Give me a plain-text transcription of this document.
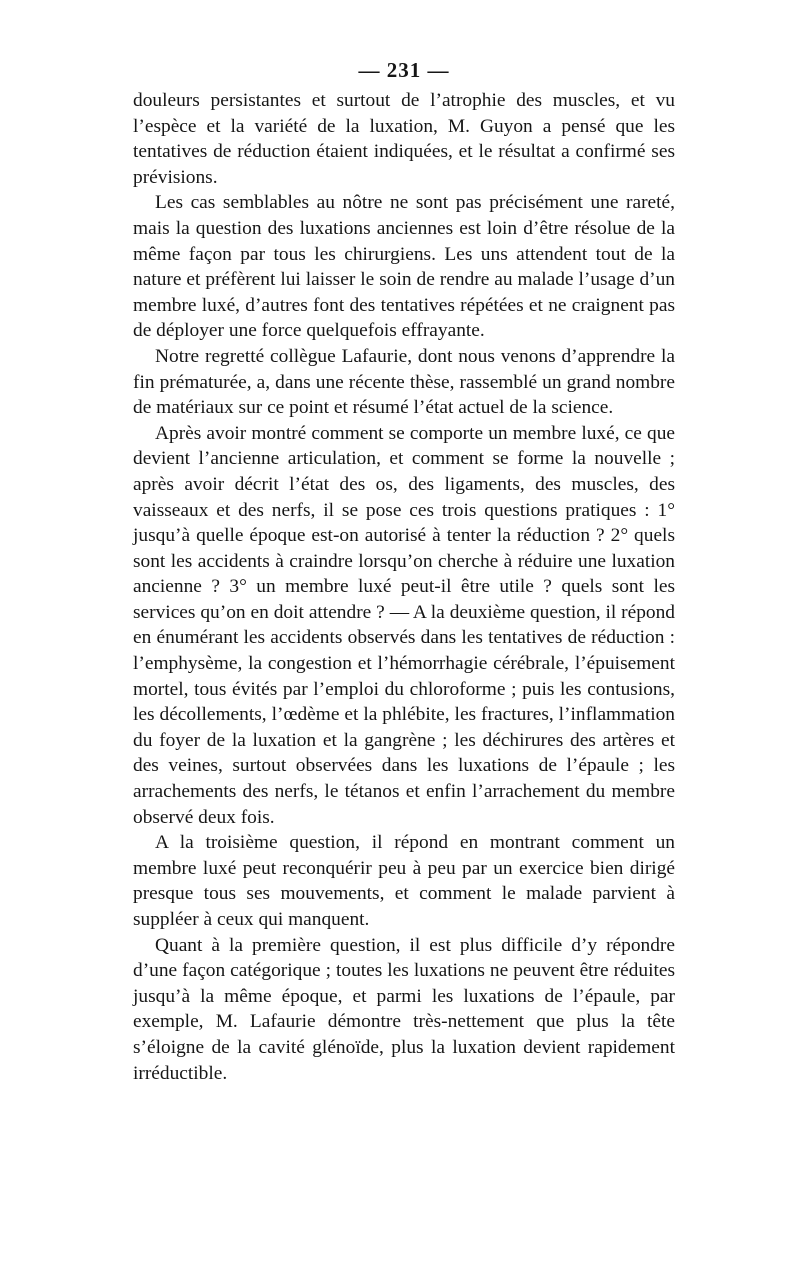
— 231 —

douleurs persistantes et surtout de l’atrophie des muscles, et vu l’espèce et la variété de la luxation, M. Guyon a pensé que les tentatives de réduction étaient indiquées, et le résultat a confirmé ses prévisions.

Les cas semblables au nôtre ne sont pas précisément une rareté, mais la question des luxations anciennes est loin d’être résolue de la même façon par tous les chirurgiens. Les uns attendent tout de la nature et préfèrent lui laisser le soin de rendre au malade l’usage d’un membre luxé, d’autres font des tentatives répétées et ne craignent pas de déployer une force quelquefois effrayante.

Notre regretté collègue Lafaurie, dont nous venons d’apprendre la fin prématurée, a, dans une récente thèse, rassemblé un grand nombre de matériaux sur ce point et résumé l’état actuel de la science.

Après avoir montré comment se comporte un membre luxé, ce que devient l’ancienne articulation, et comment se forme la nouvelle ; après avoir décrit l’état des os, des ligaments, des muscles, des vaisseaux et des nerfs, il se pose ces trois questions pratiques : 1° jusqu’à quelle époque est-on autorisé à tenter la réduction ? 2° quels sont les accidents à craindre lorsqu’on cherche à réduire une luxation ancienne ? 3° un membre luxé peut-il être utile ? quels sont les services qu’on en doit attendre ? — A la deuxième question, il répond en énumérant les accidents observés dans les tentatives de réduction : l’emphysème, la congestion et l’hémorrhagie cérébrale, l’épuisement mortel, tous évités par l’emploi du chloroforme ; puis les contusions, les décollements, l’œdème et la phlébite, les fractures, l’inflammation du foyer de la luxation et la gangrène ; les déchirures des artères et des veines, surtout observées dans les luxations de l’épaule ; les arrachements des nerfs, le tétanos et enfin l’arrachement du membre observé deux fois.

A la troisième question, il répond en montrant comment un membre luxé peut reconquérir peu à peu par un exercice bien dirigé presque tous ses mouvements, et comment le malade parvient à suppléer à ceux qui manquent.

Quant à la première question, il est plus difficile d’y répondre d’une façon catégorique ; toutes les luxations ne peuvent être réduites jusqu’à la même époque, et parmi les luxations de l’épaule, par exemple, M. Lafaurie démontre très-nettement que plus la tête s’éloigne de la cavité glénoïde, plus la luxation devient rapidement irréductible.
